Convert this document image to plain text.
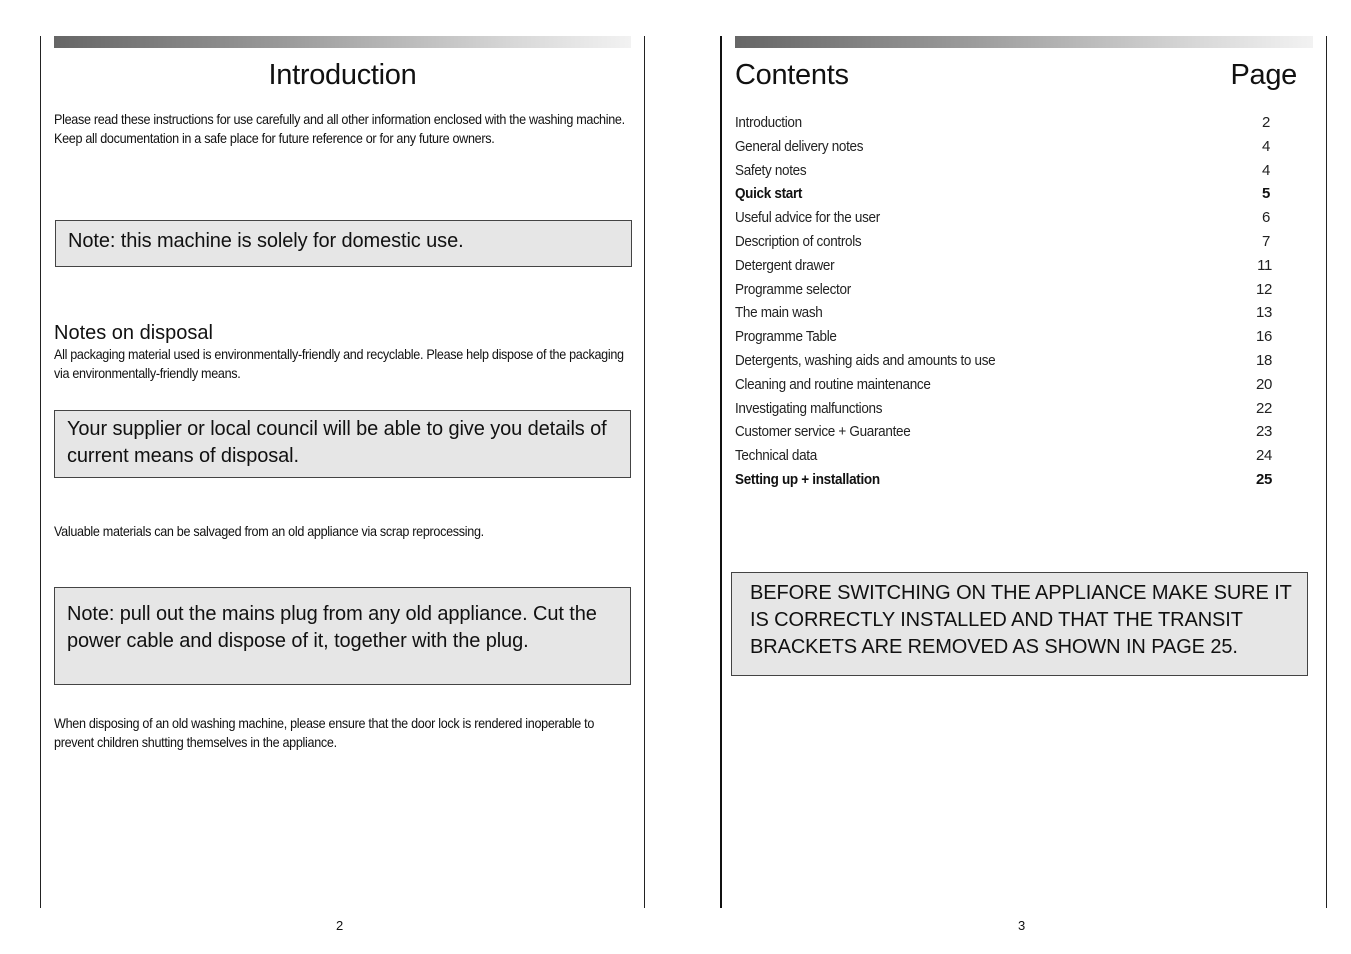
Introduction

Please read these instructions for use carefully and all other information enclosed with the washing machine.

Keep all documentation in a safe place for future reference or for any future owners.

Note: this machine is solely for domestic use.
Notes on disposal
All packaging material used is environmentally-friendly and recyclable. Please help dispose of the packaging via environmentally-friendly means.
Your supplier or local council will be able to give you details of current means of disposal.
Valuable materials can be salvaged from an old appliance via scrap reprocessing.
Note: pull out the mains plug from any old appliance. Cut the power cable and dispose of it, together with the plug.
When disposing of an old washing machine, please ensure that the door lock is rendered inoperable to prevent children shutting themselves in the appliance.
2
Contents	Page
Introduction	2
General delivery notes	4
Safety notes	4
Quick start	5
Useful advice for the user	6
Description of controls	7
Detergent drawer	11
Programme selector	12
The main wash	13
Programme Table	16
Detergents, washing aids and amounts to use	18
Cleaning and routine maintenance	20
Investigating malfunctions	22
Customer service + Guarantee	23
Technical data	24
Setting up + installation	25
BEFORE SWITCHING ON THE APPLIANCE MAKE SURE IT IS CORRECTLY INSTALLED AND THAT THE TRANSIT BRACKETS ARE REMOVED AS SHOWN IN PAGE 25.
3
